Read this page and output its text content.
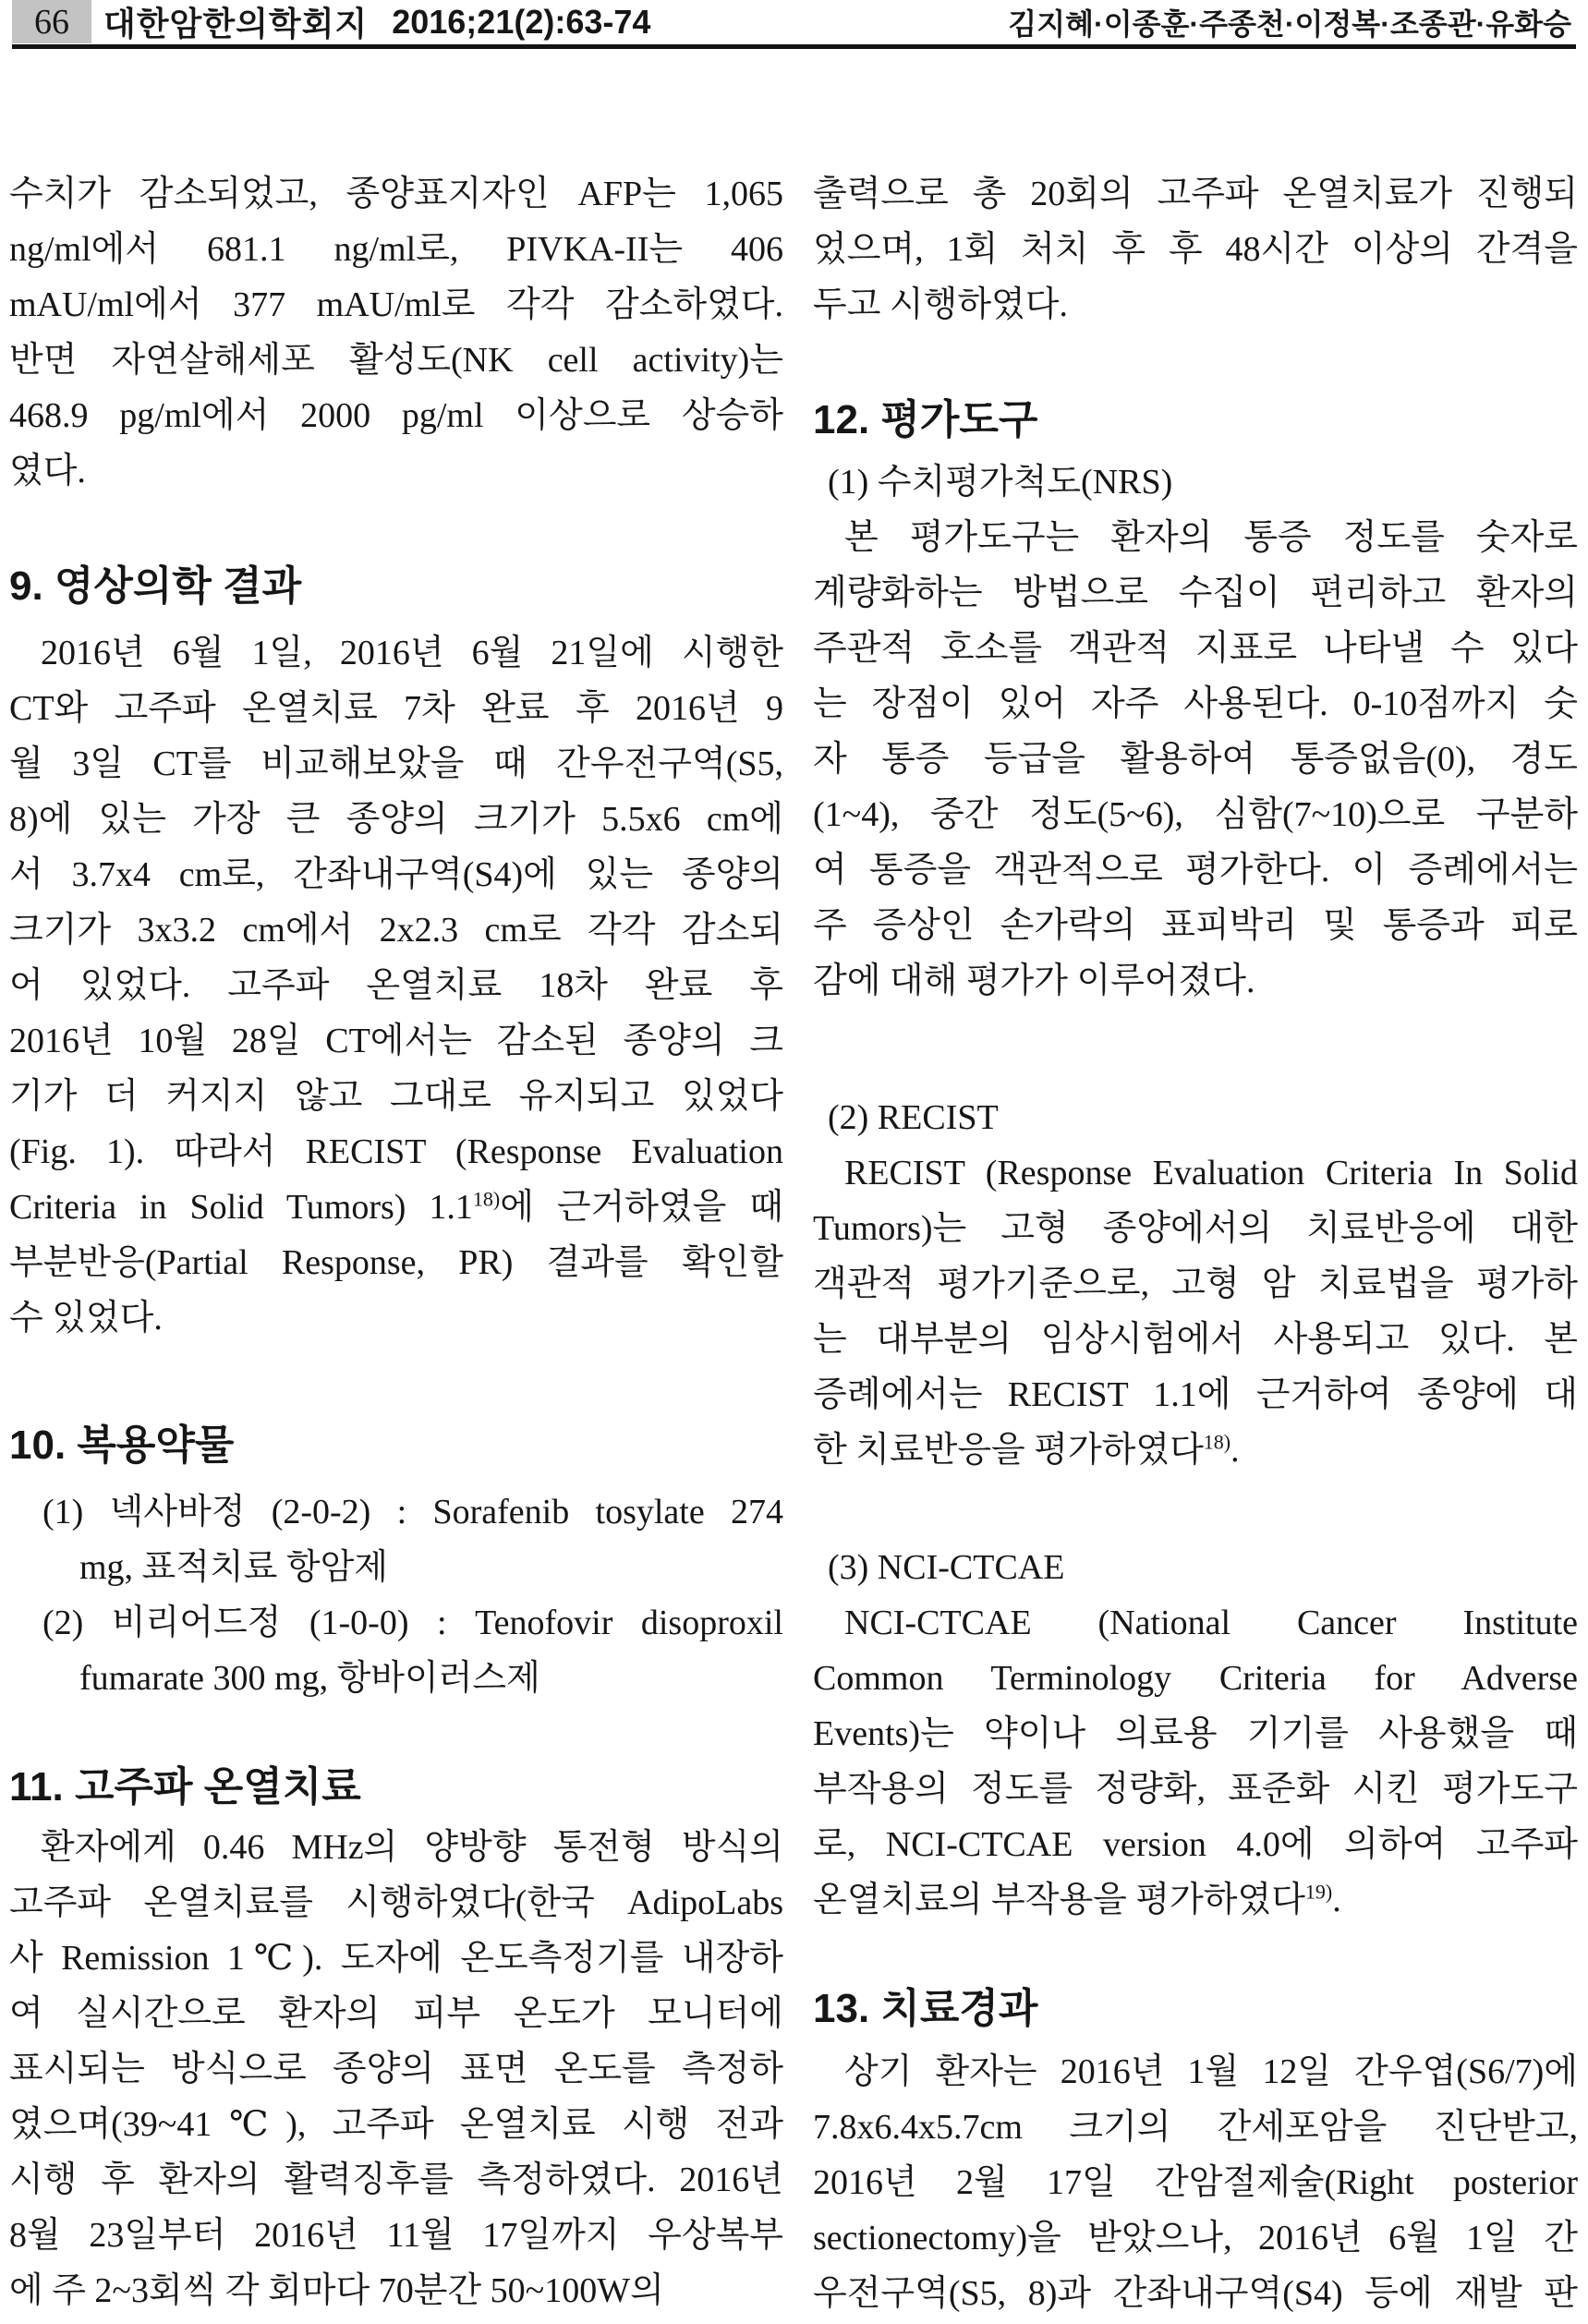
66 대한암한의학회지 2016;21(2):63-74	김지혜·이종훈·주종천·이정복·조종관·유화승
수치가 감소되었고, 종양표지자인 AFP는 1,065
ng/ml에서 681.1 ng/ml로, PIVKA-II는 406
mAU/ml에서 377 mAU/ml로 각각 감소하였다.
반면 자연살해세포 활성도(NK cell activity)는
468.9 pg/ml에서 2000 pg/ml 이상으로 상승하
였다.
9. 영상의학 결과
2016년 6월 1일, 2016년 6월 21일에 시행한
CT와 고주파 온열치료 7차 완료 후 2016년 9
월 3일 CT를 비교해보았을 때 간우전구역(S5,
8)에 있는 가장 큰 종양의 크기가 5.5x6 cm에
서 3.7x4 cm로, 간좌내구역(S4)에 있는 종양의
크기가 3x3.2 cm에서 2x2.3 cm로 각각 감소되
어 있었다. 고주파 온열치료 18차 완료 후
2016년 10월 28일 CT에서는 감소된 종양의 크
기가 더 커지지 않고 그대로 유지되고 있었다
(Fig. 1). 따라서 RECIST (Response Evaluation
Criteria in Solid Tumors) 1.1$^{18)}$에 근거하였을 때
부분반응(Partial Response, PR) 결과를 확인할
수 있었다.
10. 복용약물
(1) 넥사바정 (2-0-2) : Sorafenib tosylate 274
mg, 표적치료 항암제
(2) 비리어드정 (1-0-0) : Tenofovir disoproxil
fumarate 300 mg, 항바이러스제
11. 고주파 온열치료
환자에게 0.46 MHz의 양방향 통전형 방식의
고주파 온열치료를 시행하였다(한국 AdipoLabs
사 Remission 1℃). 도자에 온도측정기를 내장하
여 실시간으로 환자의 피부 온도가 모니터에
표시되는 방식으로 종양의 표면 온도를 측정하
였으며(39~41℃), 고주파 온열치료 시행 전과
시행 후 환자의 활력징후를 측정하였다. 2016년
8월 23일부터 2016년 11월 17일까지 우상복부
에 주 2~3회씩 각 회마다 70분간 50~100W의
출력으로 총 20회의 고주파 온열치료가 진행되
었으며, 1회 처치 후 후 48시간 이상의 간격을
두고 시행하였다.
12. 평가도구
(1) 수치평가척도(NRS)
본 평가도구는 환자의 통증 정도를 숫자로
계량화하는 방법으로 수집이 편리하고 환자의
주관적 호소를 객관적 지표로 나타낼 수 있다
는 장점이 있어 자주 사용된다. 0-10점까지 숫
자 통증 등급을 활용하여 통증없음(0), 경도
(1~4), 중간 정도(5~6), 심함(7~10)으로 구분하
여 통증을 객관적으로 평가한다. 이 증례에서는
주 증상인 손가락의 표피박리 및 통증과 피로
감에 대해 평가가 이루어졌다.
(2) RECIST
RECIST (Response Evaluation Criteria In Solid
Tumors)는 고형 종양에서의 치료반응에 대한
객관적 평가기준으로, 고형 암 치료법을 평가하
는 대부분의 임상시험에서 사용되고 있다. 본
증례에서는 RECIST 1.1에 근거하여 종양에 대
한 치료반응을 평가하였다$^{18)}$.
(3) NCI-CTCAE
NCI-CTCAE (National Cancer Institute
Common Terminology Criteria for Adverse
Events)는 약이나 의료용 기기를 사용했을 때
부작용의 정도를 정량화, 표준화 시킨 평가도구
로, NCI-CTCAE version 4.0에 의하여 고주파
온열치료의 부작용을 평가하였다$^{19)}$.
13. 치료경과
상기 환자는 2016년 1월 12일 간우엽(S6/7)에
7.8x6.4x5.7cm 크기의 간세포암을 진단받고,
2016년 2월 17일 간암절제술(Right posterior
sectionectomy)을 받았으나, 2016년 6월 1일 간
우전구역(S5, 8)과 간좌내구역(S4) 등에 재발 판
